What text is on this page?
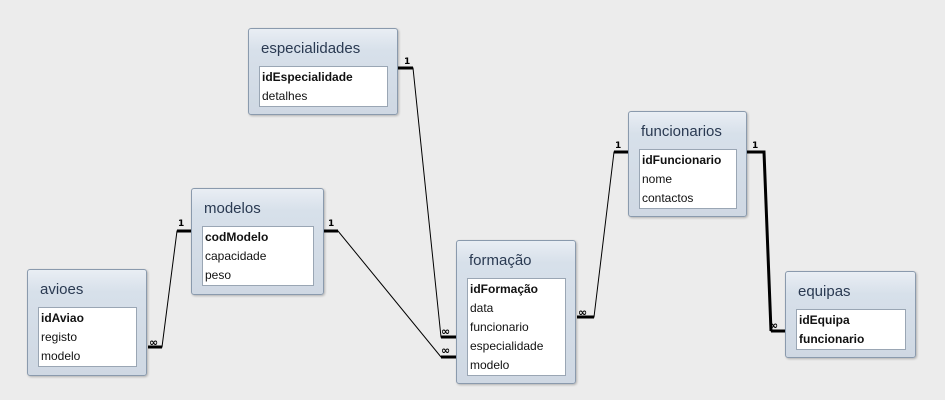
1
∞
1
∞
1
∞
1
∞
1
∞
especialidades
idEspecialidade
detalhes
modelos
codModelo
capacidade
peso
avioes
idAviao
registo
modelo
formação
idFormação
data
funcionario
especialidade
modelo
funcionarios
idFuncionario
nome
contactos
equipas
idEquipa
funcionario
